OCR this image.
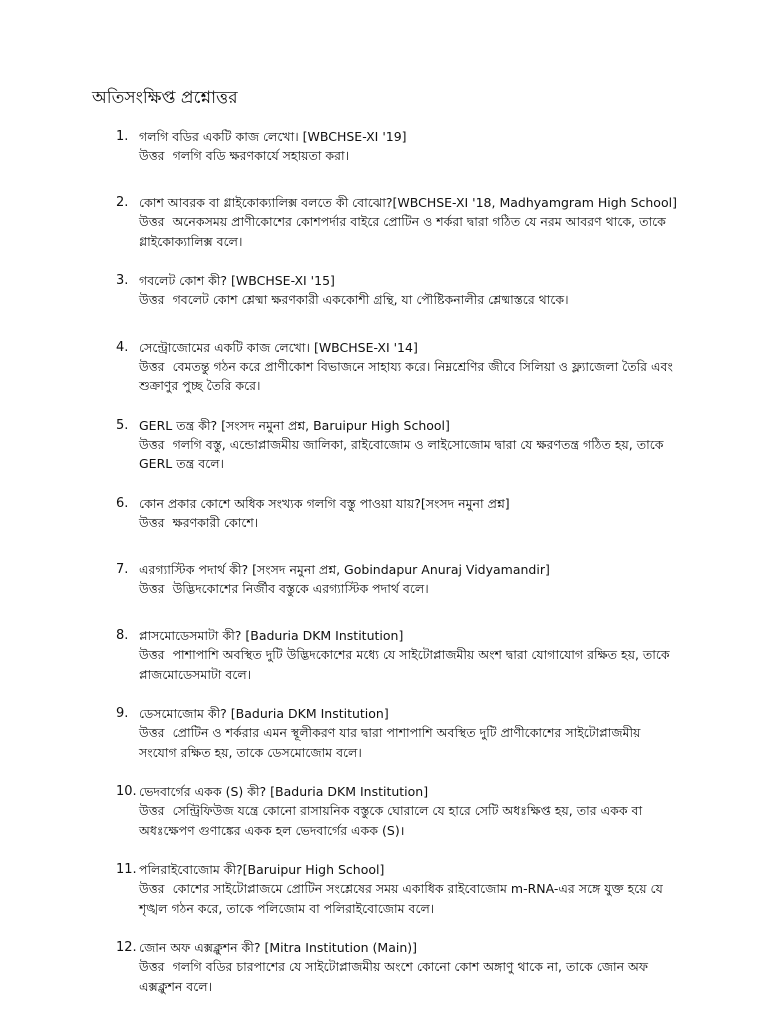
অতিসংক্ষিপ্ত প্রশ্নোত্তর
1. গলগি বডির একটি কাজ লেখো। [WBCHSE-XI '19]
উত্তর গলগি বডি ক্ষরণকার্যে সহায়তা করা।
2. কোশ আবরক বা গ্লাইকোক্যালিক্স বলতে কী বোঝো?[WBCHSE-XI '18, Madhyamgram High School]
উত্তর অনেকসময় প্রাণীকোশের কোশপর্দার বাইরে প্রোটিন ও শর্করা দ্বারা গঠিত যে নরম আবরণ থাকে, তাকে গ্লাইকোক্যালিক্স বলে।
3. গবলেট কোশ কী? [WBCHSE-XI '15]
উত্তর গবলেট কোশ শ্লেষ্মা ক্ষরণকারী এককোশী গ্রন্থি, যা পৌষ্টিকনালীর শ্লেষ্মাস্তরে থাকে।
4. সেন্ট্রোজোমের একটি কাজ লেখো। [WBCHSE-XI '14]
উত্তর বেমতন্তু গঠন করে প্রাণীকোশ বিভাজনে সাহায্য করে। নিম্নশ্রেণির জীবে সিলিয়া ও ফ্ল্যাজেলা তৈরি এবং শুক্রাণুর পুচ্ছ তৈরি করে।
5. GERL তন্ত্র কী? [সংসদ নমুনা প্রশ্ন, Baruipur High School]
উত্তর গলগি বস্তু, এন্ডোপ্লাজমীয় জালিকা, রাইবোজোম ও লাইসোজোম দ্বারা যে ক্ষরণতন্ত্র গঠিত হয়, তাকে GERL তন্ত্র বলে।
6. কোন প্রকার কোশে অধিক সংখ্যক গলগি বস্তু পাওয়া যায়?[সংসদ নমুনা প্রশ্ন]
উত্তর ক্ষরণকারী কোশে।
7. এরগ্যাস্টিক পদার্থ কী? [সংসদ নমুনা প্রশ্ন, Gobindapur Anuraj Vidyamandir]
উত্তর উদ্ভিদকোশের নির্জীব বস্তুকে এরগ্যাস্টিক পদার্থ বলে।
8. প্লাসমোডেসমাটা কী? [Baduria DKM Institution]
উত্তর পাশাপাশি অবস্থিত দুটি উদ্ভিদকোশের মধ্যে যে সাইটোপ্লাজমীয় অংশ দ্বারা যোগাযোগ রক্ষিত হয়, তাকে প্লাজমোডেসমাটা বলে।
9. ডেসমোজোম কী? [Baduria DKM Institution]
উত্তর প্রোটিন ও শর্করার এমন স্থূলীকরণ যার দ্বারা পাশাপাশি অবস্থিত দুটি প্রাণীকোশের সাইটোপ্লাজমীয় সংযোগ রক্ষিত হয়, তাকে ডেসমোজোম বলে।
10. ভেদবার্গের একক (S) কী? [Baduria DKM Institution]
উত্তর সেন্ট্রিফিউজ যন্ত্রে কোনো রাসায়নিক বস্তুকে ঘোরালে যে হারে সেটি অধঃক্ষিপ্ত হয়, তার একক বা অধঃক্ষেপণ গুণাঙ্কের একক হল ভেদবার্গের একক (S)।
11. পলিরাইবোজোম কী?[Baruipur High School]
উত্তর কোশের সাইটোপ্লাজমে প্রোটিন সংশ্লেষের সময় একাধিক রাইবোজোম m-RNA-এর সঙ্গে যুক্ত হয়ে যে শৃঙ্খল গঠন করে, তাকে পলিজোম বা পলিরাইবোজোম বলে।
12. জোন অফ এক্সক্লুশন কী? [Mitra Institution (Main)]
উত্তর গলগি বডির চারপাশের যে সাইটোপ্লাজমীয় অংশে কোনো কোশ অঙ্গাণু থাকে না, তাকে জোন অফ এক্সক্লুশন বলে।
